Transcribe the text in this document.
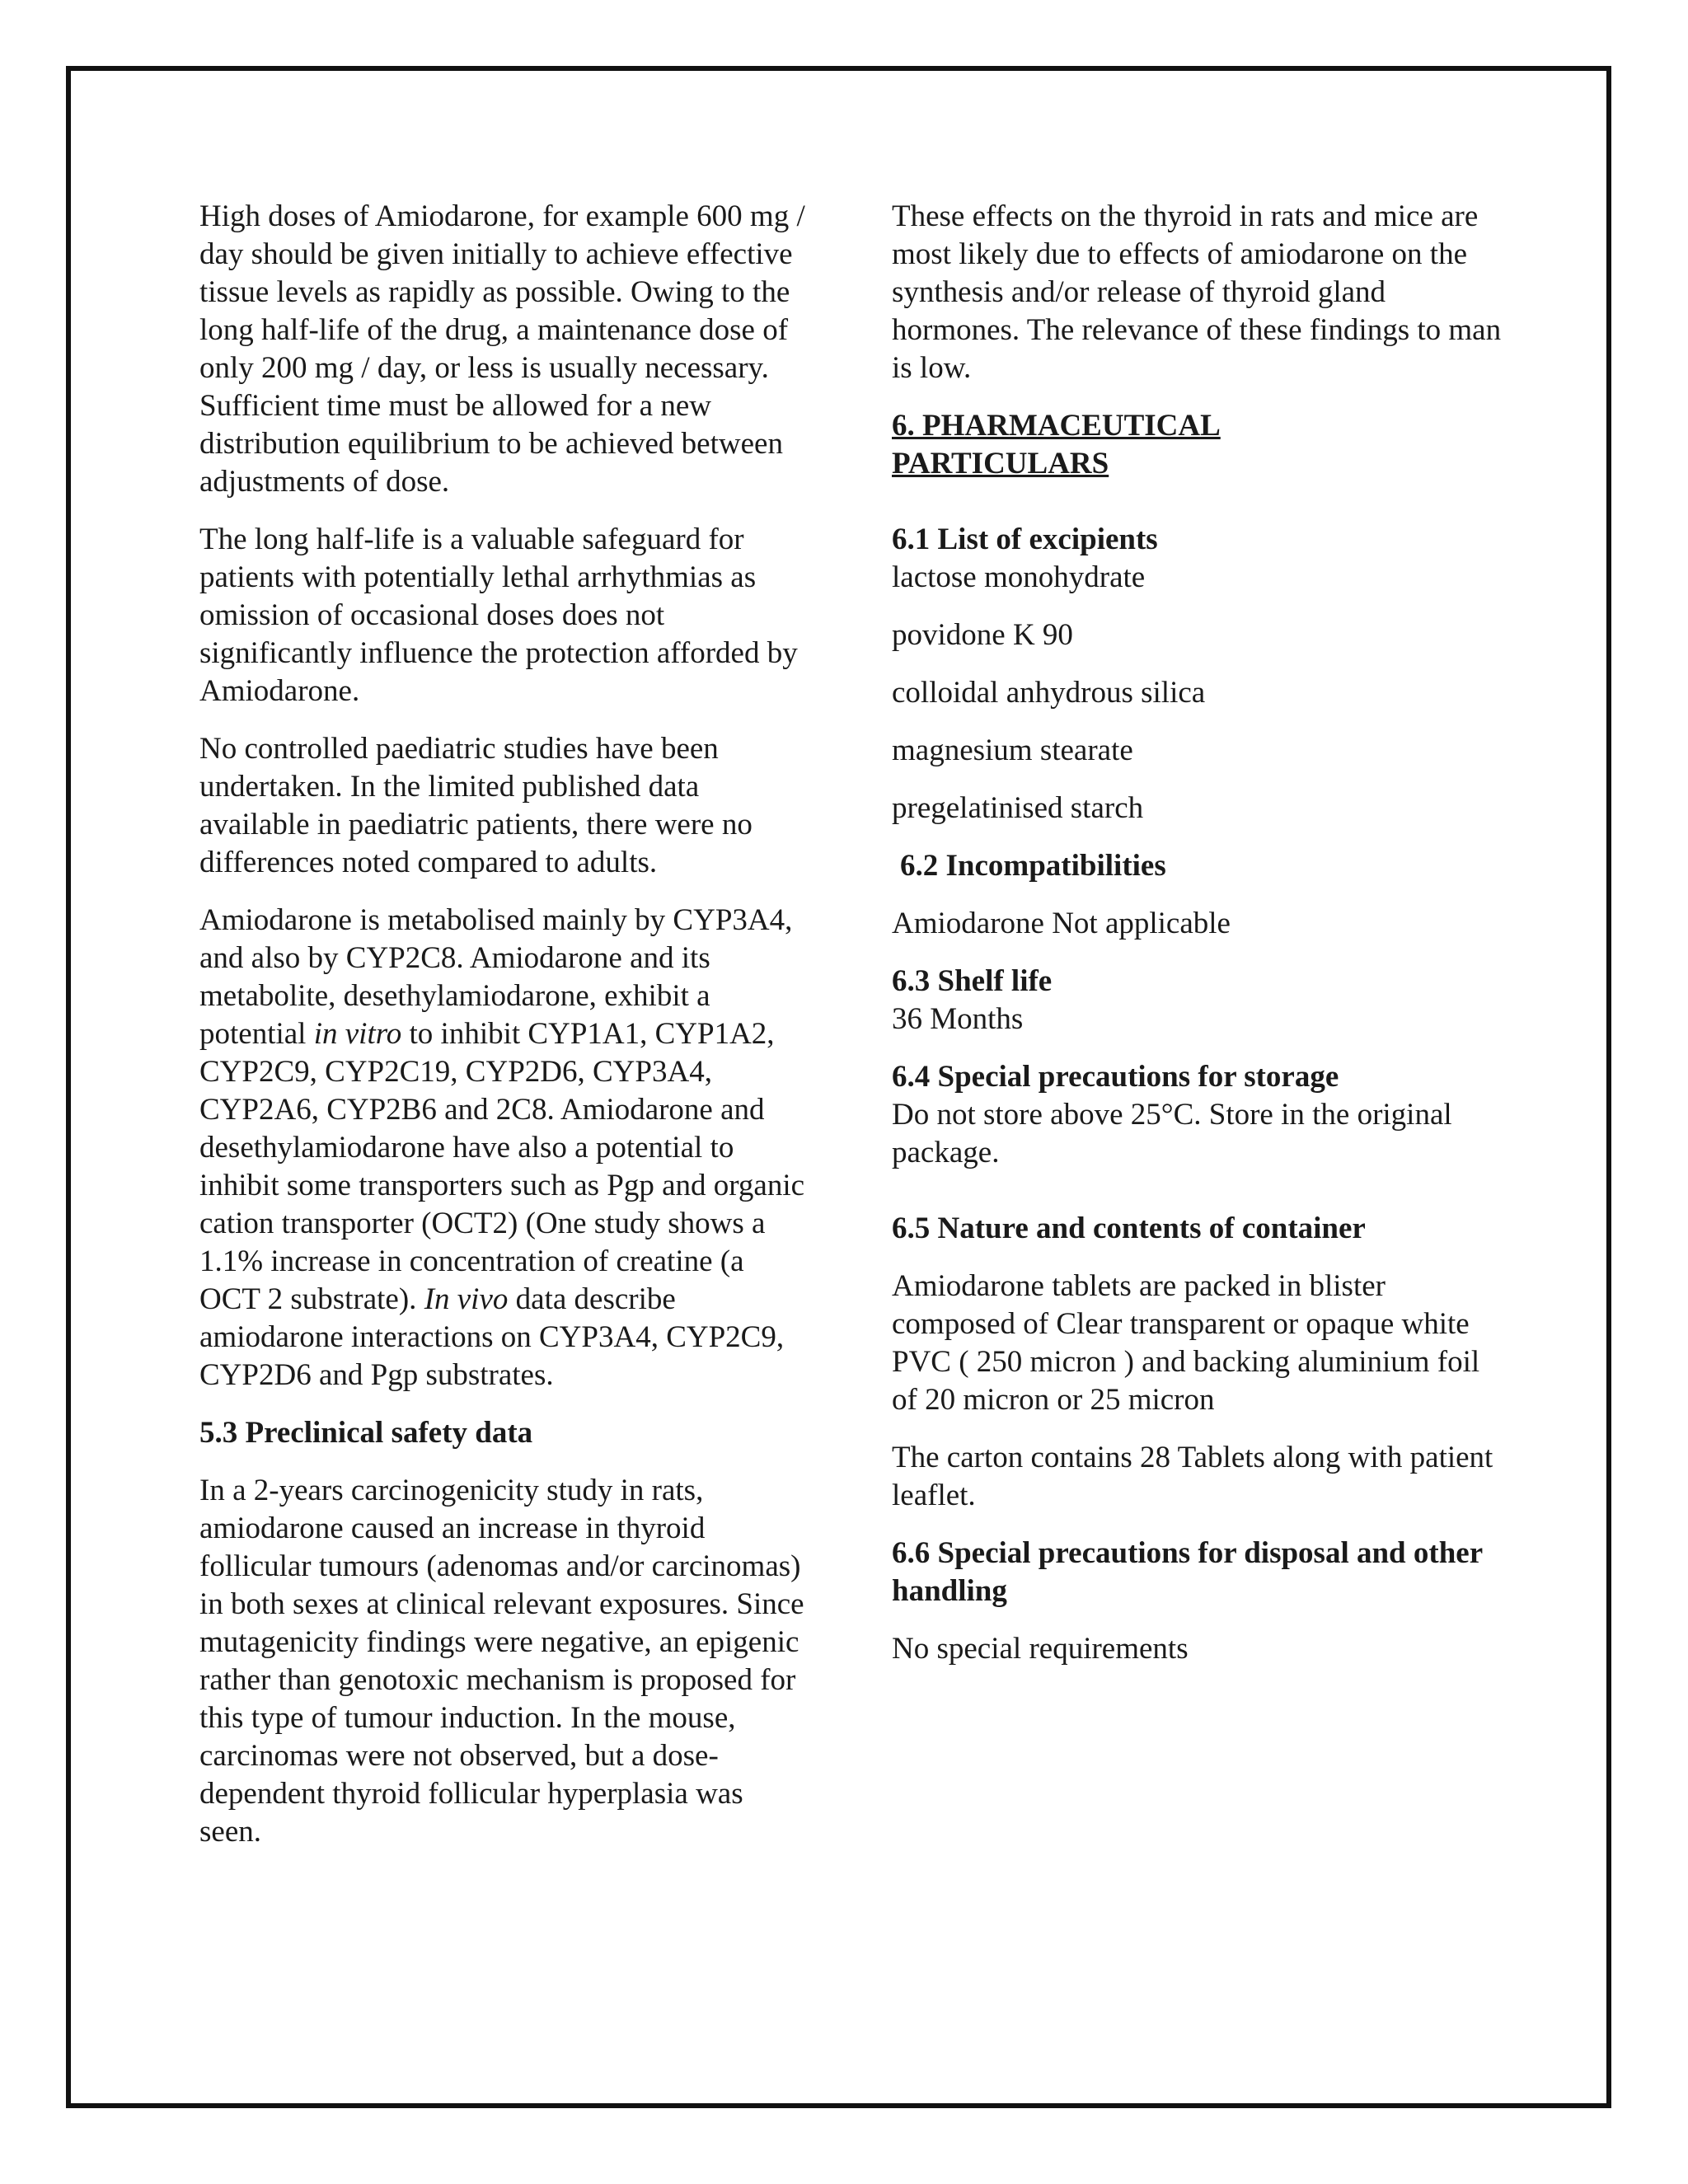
High doses of Amiodarone, for example 600 mg / day should be given initially to achieve effective tissue levels as rapidly as possible. Owing to the long half-life of the drug, a maintenance dose of only 200 mg / day, or less is usually necessary. Sufficient time must be allowed for a new distribution equilibrium to be achieved between adjustments of dose.

The long half-life is a valuable safeguard for patients with potentially lethal arrhythmias as omission of occasional doses does not significantly influence the protection afforded by Amiodarone.

No controlled paediatric studies have been undertaken. In the limited published data available in paediatric patients, there were no differences noted compared to adults.

Amiodarone is metabolised mainly by CYP3A4, and also by CYP2C8. Amiodarone and its metabolite, desethylamiodarone, exhibit a potential in vitro to inhibit CYP1A1, CYP1A2, CYP2C9, CYP2C19, CYP2D6, CYP3A4, CYP2A6, CYP2B6 and 2C8. Amiodarone and desethylamiodarone have also a potential to inhibit some transporters such as Pgp and organic cation transporter (OCT2) (One study shows a 1.1% increase in concentration of creatine (a OCT 2 substrate). In vivo data describe amiodarone interactions on CYP3A4, CYP2C9, CYP2D6 and Pgp substrates.

5.3 Preclinical safety data

In a 2-years carcinogenicity study in rats, amiodarone caused an increase in thyroid follicular tumours (adenomas and/or carcinomas) in both sexes at clinical relevant exposures. Since mutagenicity findings were negative, an epigenic rather than genotoxic mechanism is proposed for this type of tumour induction. In the mouse, carcinomas were not observed, but a dose-dependent thyroid follicular hyperplasia was seen.

These effects on the thyroid in rats and mice are most likely due to effects of amiodarone on the synthesis and/or release of thyroid gland hormones. The relevance of these findings to man is low.

6. PHARMACEUTICAL
PARTICULARS

6.1 List of excipients

lactose monohydrate

povidone K 90

colloidal anhydrous silica

magnesium stearate

pregelatinised starch

6.2 Incompatibilities

Amiodarone Not applicable

6.3 Shelf life

36 Months

6.4 Special precautions for storage

Do not store above 25°C. Store in the original package.

6.5 Nature and contents of container

Amiodarone tablets are packed in blister composed of Clear transparent or opaque white PVC ( 250 micron ) and backing aluminium foil of 20 micron or 25 micron

The carton contains 28 Tablets along with patient leaflet.

6.6 Special precautions for disposal and other handling

No special requirements
